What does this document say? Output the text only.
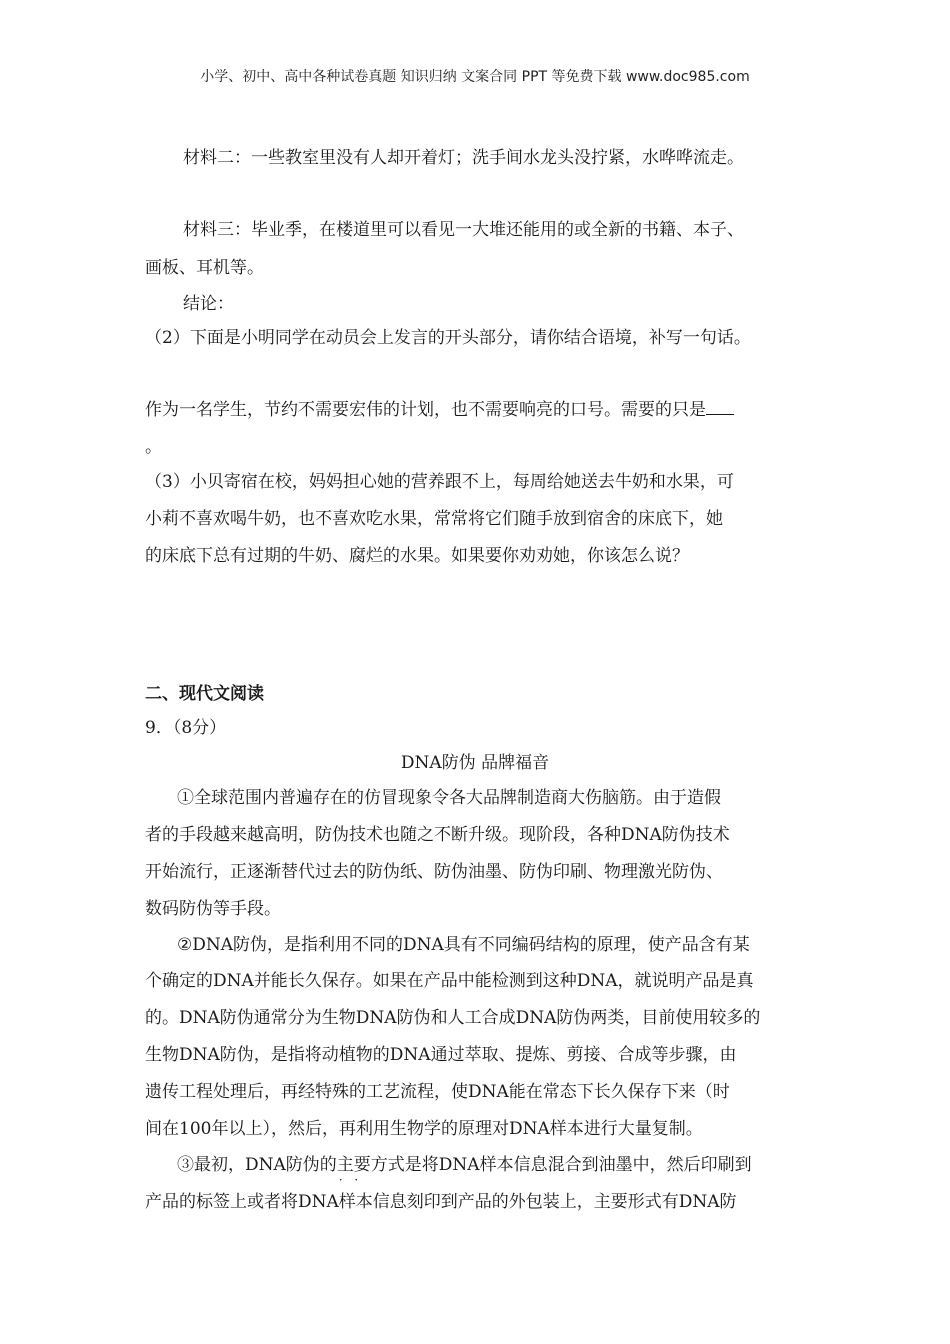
小学、初中、高中各种试卷真题 知识归纳 文案合同 PPT 等免费下载 www.doc985.com
材料二：一些教室里没有人却开着灯；洗手间水龙头没拧紧，水哗哗流走。
材料三：毕业季，在楼道里可以看见一大堆还能用的或全新的书籍、本子、
画板、耳机等。
结论：
（2）下面是小明同学在动员会上发言的开头部分，请你结合语境，补写一句话。
作为一名学生，节约不需要宏伟的计划，也不需要响亮的口号。需要的只是
。
（3）小贝寄宿在校，妈妈担心她的营养跟不上，每周给她送去牛奶和水果，可
小莉不喜欢喝牛奶，也不喜欢吃水果，常常将它们随手放到宿舍的床底下，她
的床底下总有过期的牛奶、腐烂的水果。如果要你劝劝她，你该怎么说？
二、现代文阅读
9．（8分）
DNA防伪 品牌福音
①全球范围内普遍存在的仿冒现象令各大品牌制造商大伤脑筋。由于造假
者的手段越来越高明，防伪技术也随之不断升级。现阶段，各种DNA防伪技术
开始流行，正逐渐替代过去的防伪纸、防伪油墨、防伪印刷、物理激光防伪、
数码防伪等手段。
②DNA防伪，是指利用不同的DNA具有不同编码结构的原理，使产品含有某
个确定的DNA并能长久保存。如果在产品中能检测到这种DNA，就说明产品是真
的。DNA防伪通常分为生物DNA防伪和人工合成DNA防伪两类，目前使用较多的
生物DNA防伪，是指将动植物的DNA通过萃取、提炼、剪接、合成等步骤，由
遗传工程处理后，再经特殊的工艺流程，使DNA能在常态下长久保存下来（时
间在100年以上），然后，再利用生物学的原理对DNA样本进行大量复制。
③最初，DNA防伪的主要 · ·方式是将DNA样本信息混合到油墨中，然后印刷到
产品的标签上或者将DNA样本信息刻印到产品的外包装上，主要形式有DNA防
